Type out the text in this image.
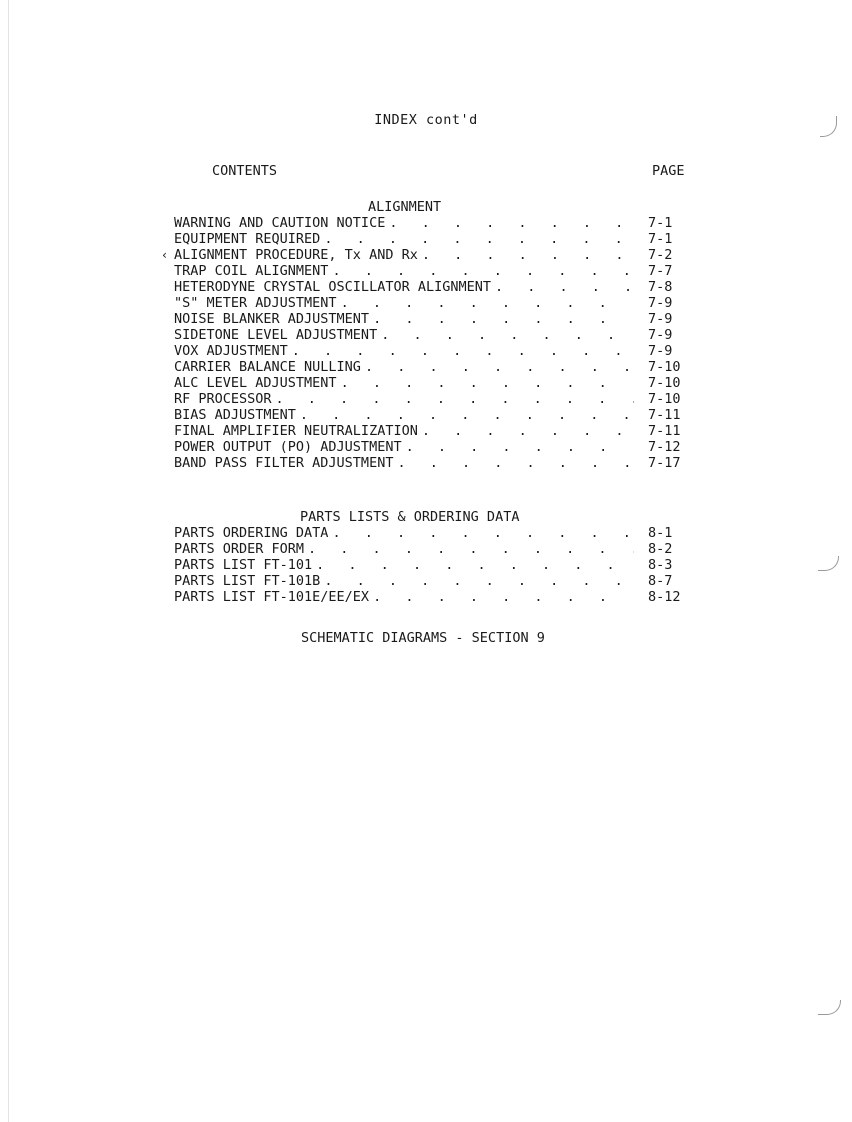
INDEX cont'd
CONTENTS	PAGE
ALIGNMENT
WARNING AND CAUTION NOTICE . . .	7-1
EQUIPMENT REQUIRED . . .	7-1
ALIGNMENT PROCEDURE, Tx AND Rx . . .	7-2
TRAP COIL ALIGNMENT . . .	7-7
HETERODYNE CRYSTAL OSCILLATOR ALIGNMENT . . .	7-8
"S" METER ADJUSTMENT . . .	7-9
NOISE BLANKER ADJUSTMENT . . .	7-9
SIDETONE LEVEL ADJUSTMENT . . .	7-9
VOX ADJUSTMENT . . .	7-9
CARRIER BALANCE NULLING . . .	7-10
ALC LEVEL ADJUSTMENT . . .	7-10
RF PROCESSOR . . .	7-10
BIAS ADJUSTMENT . . .	7-11
FINAL AMPLIFIER NEUTRALIZATION . . .	7-11
POWER OUTPUT (PO) ADJUSTMENT . . .	7-12
BAND PASS FILTER ADJUSTMENT . . .	7-17
‹
PARTS LISTS & ORDERING DATA
PARTS ORDERING DATA . . .	8-1
PARTS ORDER FORM . . .	8-2
PARTS LIST FT-101 . . .	8-3
PARTS LIST FT-101B . . .	8-7
PARTS LIST FT-101E/EE/EX . . .	8-12
SCHEMATIC DIAGRAMS - SECTION 9
